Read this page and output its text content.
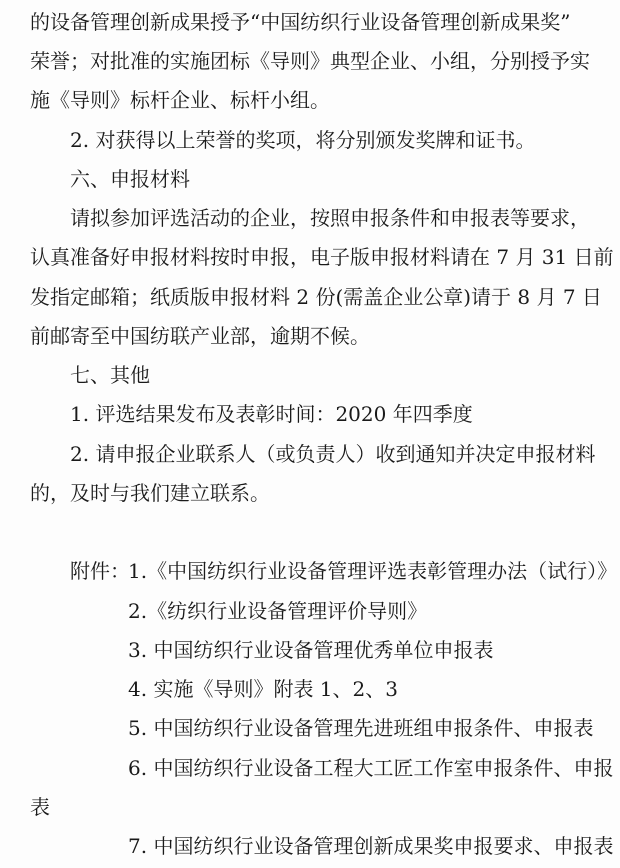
的设备管理创新成果授予“中国纺织行业设备管理创新成果奖”
荣誉；对批准的实施团标《导则》典型企业、小组，分别授予实
施《导则》标杆企业、标杆小组。
2. 对获得以上荣誉的奖项，将分别颁发奖牌和证书。
六、申报材料
请拟参加评选活动的企业，按照申报条件和申报表等要求，
认真准备好申报材料按时申报，电子版申报材料请在 7 月 31 日前
发指定邮箱；纸质版申报材料 2 份(需盖企业公章)请于 8 月 7 日
前邮寄至中国纺联产业部，逾期不候。
七、其他
1. 评选结果发布及表彰时间：2020 年四季度
2. 请申报企业联系人（或负责人）收到通知并决定申报材料
的，及时与我们建立联系。
附件：
1.《中国纺织行业设备管理评选表彰管理办法（试行）》
2.《纺织行业设备管理评价导则》
3. 中国纺织行业设备管理优秀单位申报表
4. 实施《导则》附表 1、2、3
5. 中国纺织行业设备管理先进班组申报条件、申报表
6. 中国纺织行业设备工程大工匠工作室申报条件、申报
表
7. 中国纺织行业设备管理创新成果奖申报要求、申报表
